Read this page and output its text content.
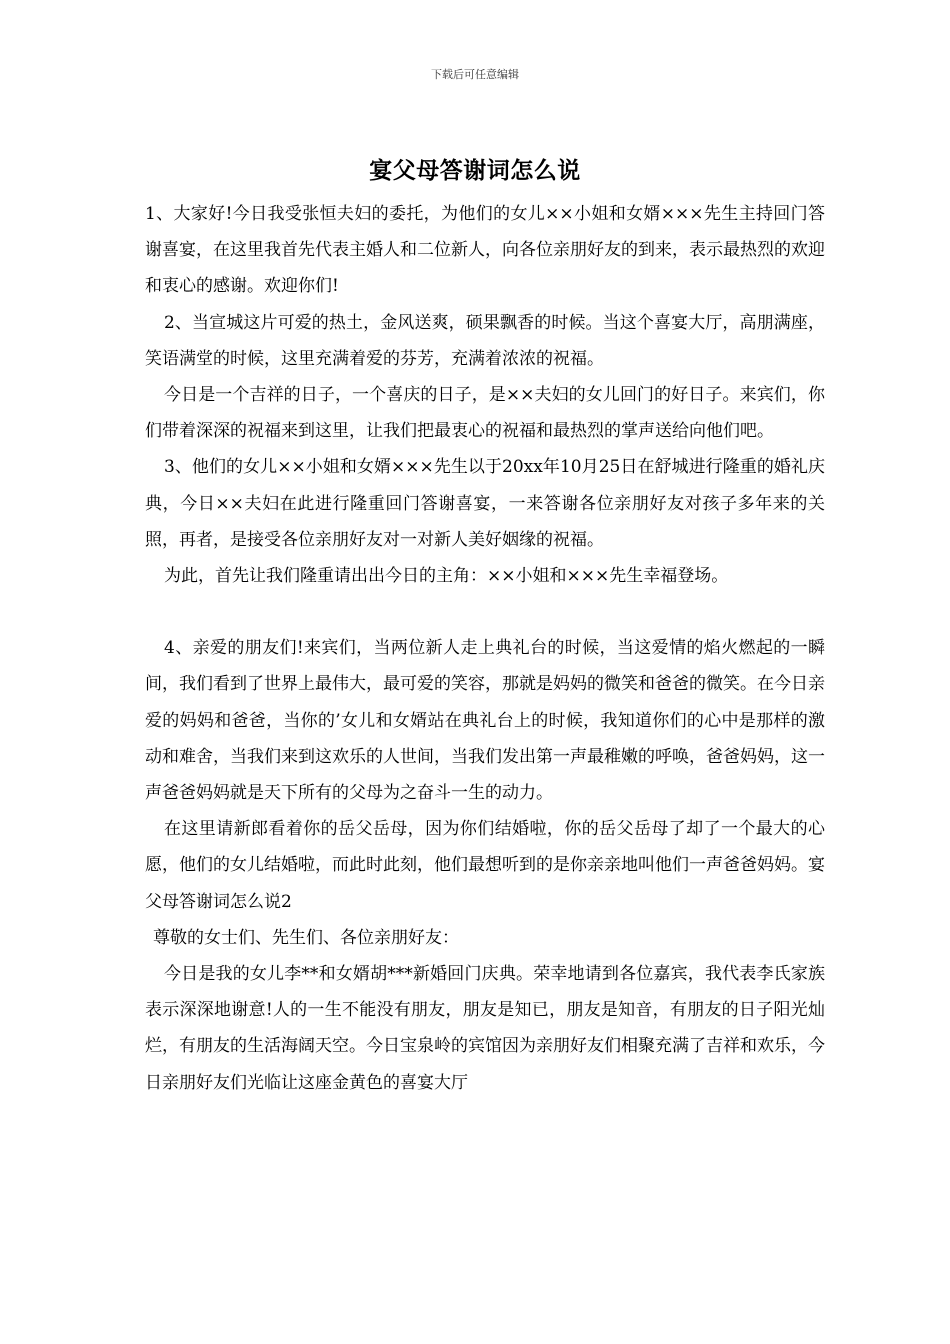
下载后可任意编辑
宴父母答谢词怎么说

1、大家好!今日我受张恒夫妇的委托，为他们的女儿××小姐和女婿×××先生主持回门答谢喜宴，在这里我首先代表主婚人和二位新人，向各位亲朋好友的到来，表示最热烈的欢迎和衷心的感谢。欢迎你们!

2、当宣城这片可爱的热土，金风送爽，硕果飘香的时候。当这个喜宴大厅，高朋满座，笑语满堂的时候，这里充满着爱的芬芳，充满着浓浓的祝福。

今日是一个吉祥的日子，一个喜庆的日子，是××夫妇的女儿回门的好日子。来宾们，你们带着深深的祝福来到这里，让我们把最衷心的祝福和最热烈的掌声送给向他们吧。

3、他们的女儿××小姐和女婿×××先生以于20xx年10月25日在舒城进行隆重的婚礼庆典，今日××夫妇在此进行隆重回门答谢喜宴，一来答谢各位亲朋好友对孩子多年来的关照，再者，是接受各位亲朋好友对一对新人美好姻缘的祝福。

为此，首先让我们隆重请出出今日的主角：××小姐和×××先生幸福登场。

4、亲爱的朋友们!来宾们，当两位新人走上典礼台的时候，当这爱情的焰火燃起的一瞬间，我们看到了世界上最伟大，最可爱的笑容，那就是妈妈的微笑和爸爸的微笑。在今日亲爱的妈妈和爸爸，当你的’女儿和女婿站在典礼台上的时候，我知道你们的心中是那样的激动和难舍，当我们来到这欢乐的人世间，当我们发出第一声最稚嫩的呼唤，爸爸妈妈，这一声爸爸妈妈就是天下所有的父母为之奋斗一生的动力。

在这里请新郎看着你的岳父岳母，因为你们结婚啦，你的岳父岳母了却了一个最大的心愿，他们的女儿结婚啦，而此时此刻，他们最想听到的是你亲亲地叫他们一声爸爸妈妈。宴父母答谢词怎么说2

尊敬的女士们、先生们、各位亲朋好友：

今日是我的女儿李**和女婿胡***新婚回门庆典。荣幸地请到各位嘉宾，我代表李氏家族表示深深地谢意!人的一生不能没有朋友，朋友是知已，朋友是知音，有朋友的日子阳光灿烂，有朋友的生活海阔天空。今日宝泉岭的宾馆因为亲朋好友们相聚充满了吉祥和欢乐，今日亲朋好友们光临让这座金黄色的喜宴大厅
